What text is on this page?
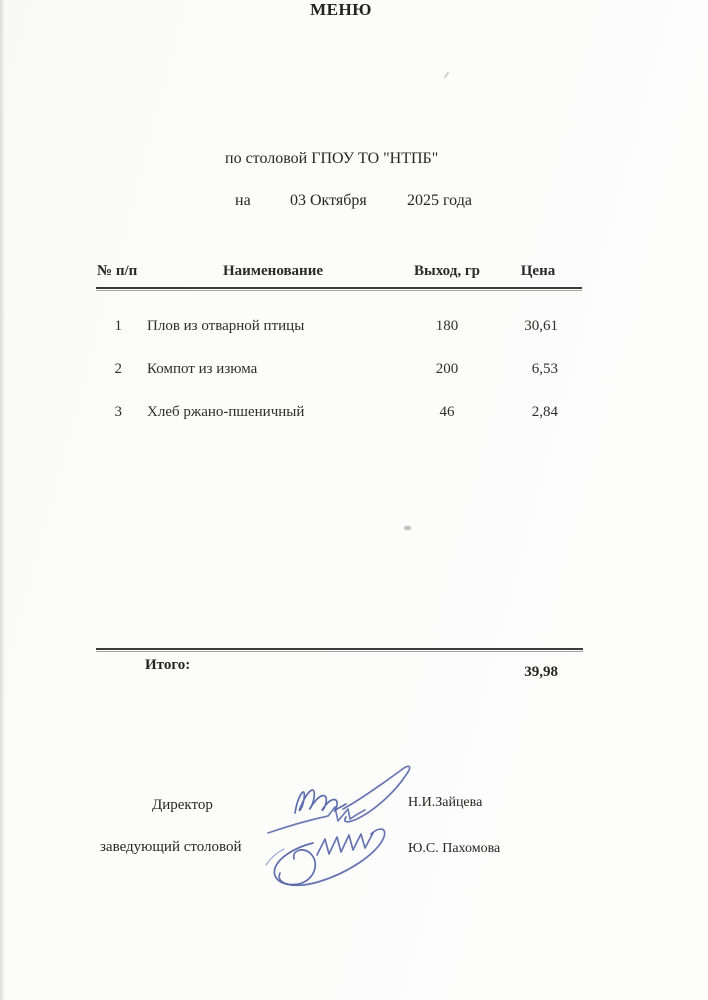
МЕНЮ
по столовой ГПОУ ТО "НТПБ"
на 03 Октября	2025 года
№ п/п	Наименование	Выход, гр	Цена
1 Плов из отварной птицы	180	30,61
2 Компот из изюма	200	6,53
3 Хлеб ржано-пшеничный	46	2,84
Итого:	39,98
Директор	Н.И.Зайцева
заведующий столовой	Ю.С. Пахомова
